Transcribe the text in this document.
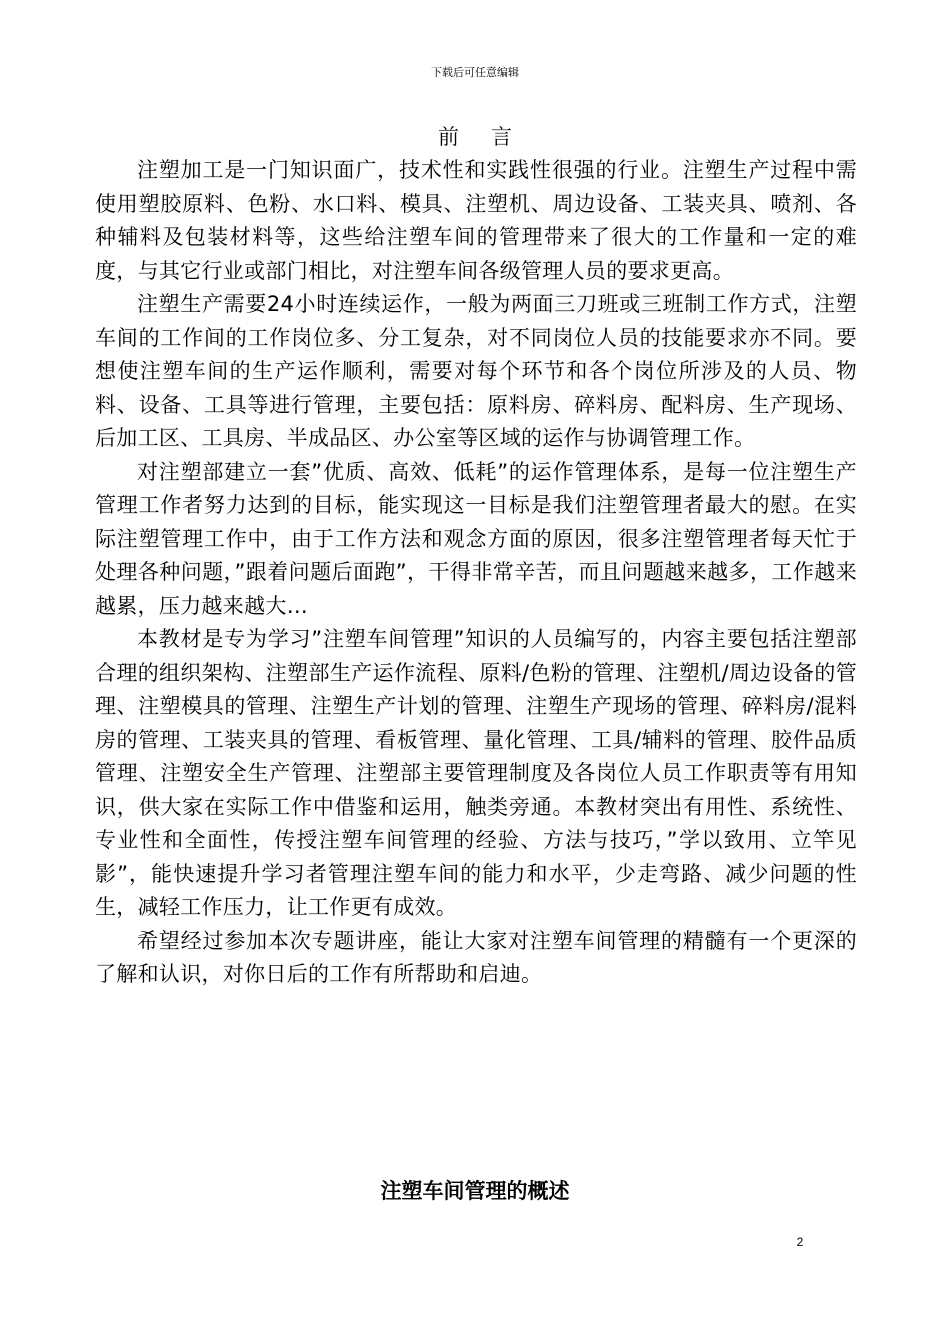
下载后可任意编辑
前言

注塑加工是一门知识面广，技术性和实践性很强的行业。注塑生产过程中需使用塑胶原料、色粉、水口料、模具、注塑机、周边设备、工装夹具、喷剂、各种辅料及包装材料等，这些给注塑车间的管理带来了很大的工作量和一定的难度，与其它行业或部门相比，对注塑车间各级管理人员的要求更高。

注塑生产需要24小时连续运作，一般为两面三刀班或三班制工作方式，注塑车间的工作间的工作岗位多、分工复杂，对不同岗位人员的技能要求亦不同。要想使注塑车间的生产运作顺利，需要对每个环节和各个岗位所涉及的人员、物料、设备、工具等进行管理，主要包括：原料房、碎料房、配料房、生产现场、后加工区、工具房、半成品区、办公室等区域的运作与协调管理工作。

对注塑部建立一套”优质、高效、低耗”的运作管理体系，是每一位注塑生产管理工作者努力达到的目标，能实现这一目标是我们注塑管理者最大的慰。在实际注塑管理工作中，由于工作方法和观念方面的原因，很多注塑管理者每天忙于处理各种问题，”跟着问题后面跑”，干得非常辛苦，而且问题越来越多，工作越来越累，压力越来越大…

本教材是专为学习”注塑车间管理”知识的人员编写的，内容主要包括注塑部合理的组织架构、注塑部生产运作流程、原料/色粉的管理、注塑机/周边设备的管理、注塑模具的管理、注塑生产计划的管理、注塑生产现场的管理、碎料房/混料房的管理、工装夹具的管理、看板管理、量化管理、工具/辅料的管理、胶件品质管理、注塑安全生产管理、注塑部主要管理制度及各岗位人员工作职责等有用知识，供大家在实际工作中借鉴和运用，触类旁通。本教材突出有用性、系统性、专业性和全面性，传授注塑车间管理的经验、方法与技巧，”学以致用、立竿见影”，能快速提升学习者管理注塑车间的能力和水平，少走弯路、减少问题的性生，减轻工作压力，让工作更有成效。

希望经过参加本次专题讲座，能让大家对注塑车间管理的精髓有一个更深的了解和认识，对你日后的工作有所帮助和启迪。

注塑车间管理的概述
2
